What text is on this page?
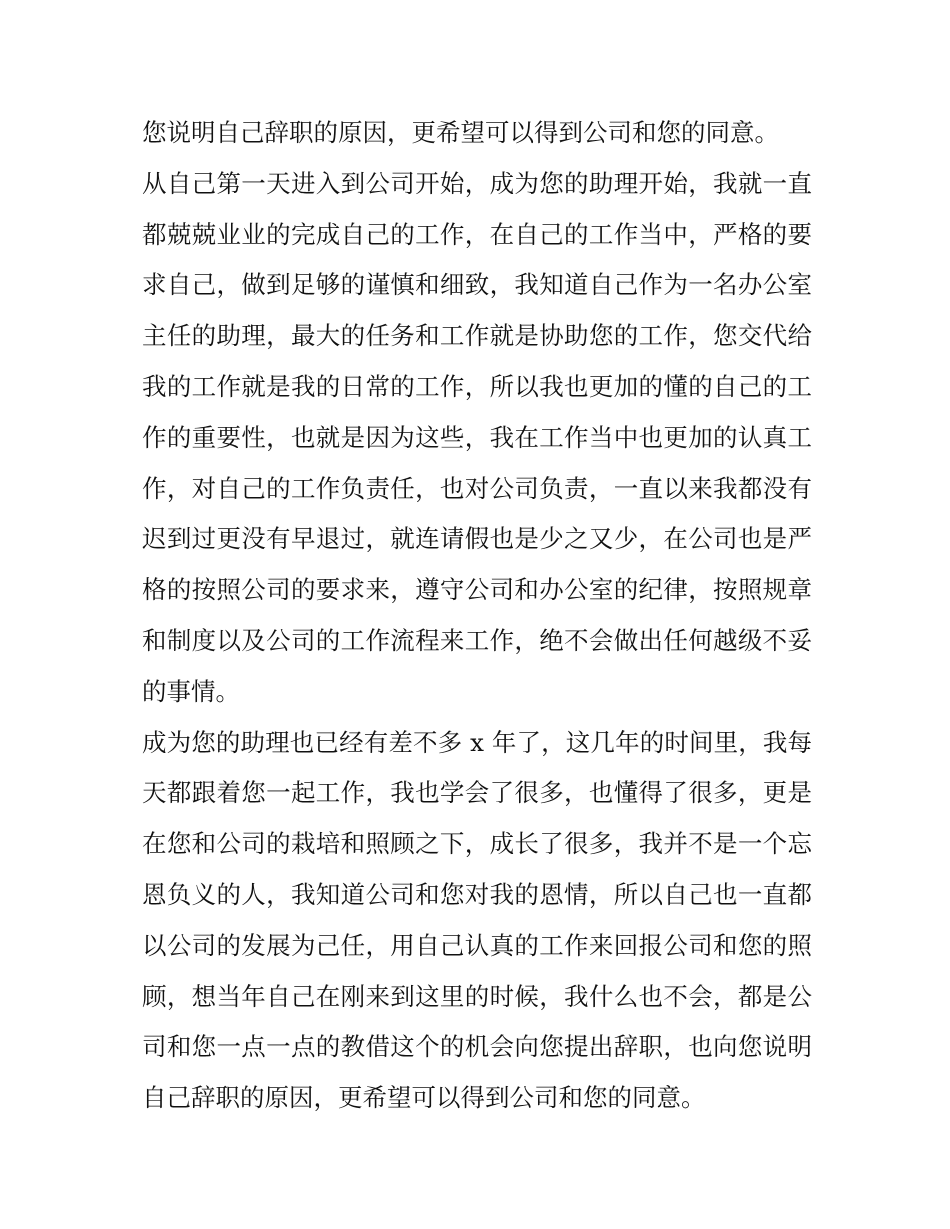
您说明自己辞职的原因，更希望可以得到公司和您的同意。
从自己第一天进入到公司开始，成为您的助理开始，我就一直
都兢兢业业的完成自己的工作，在自己的工作当中，严格的要
求自己，做到足够的谨慎和细致，我知道自己作为一名办公室
主任的助理，最大的任务和工作就是协助您的工作，您交代给
我的工作就是我的日常的工作，所以我也更加的懂的自己的工
作的重要性，也就是因为这些，我在工作当中也更加的认真工
作，对自己的工作负责任，也对公司负责，一直以来我都没有
迟到过更没有早退过，就连请假也是少之又少，在公司也是严
格的按照公司的要求来，遵守公司和办公室的纪律，按照规章
和制度以及公司的工作流程来工作，绝不会做出任何越级不妥
的事情。
成为您的助理也已经有差不多 x 年了，这几年的时间里，我每
天都跟着您一起工作，我也学会了很多，也懂得了很多，更是
在您和公司的栽培和照顾之下，成长了很多，我并不是一个忘
恩负义的人，我知道公司和您对我的恩情，所以自己也一直都
以公司的发展为己任，用自己认真的工作来回报公司和您的照
顾，想当年自己在刚来到这里的时候，我什么也不会，都是公
司和您一点一点的教借这个的机会向您提出辞职，也向您说明
自己辞职的原因，更希望可以得到公司和您的同意。
